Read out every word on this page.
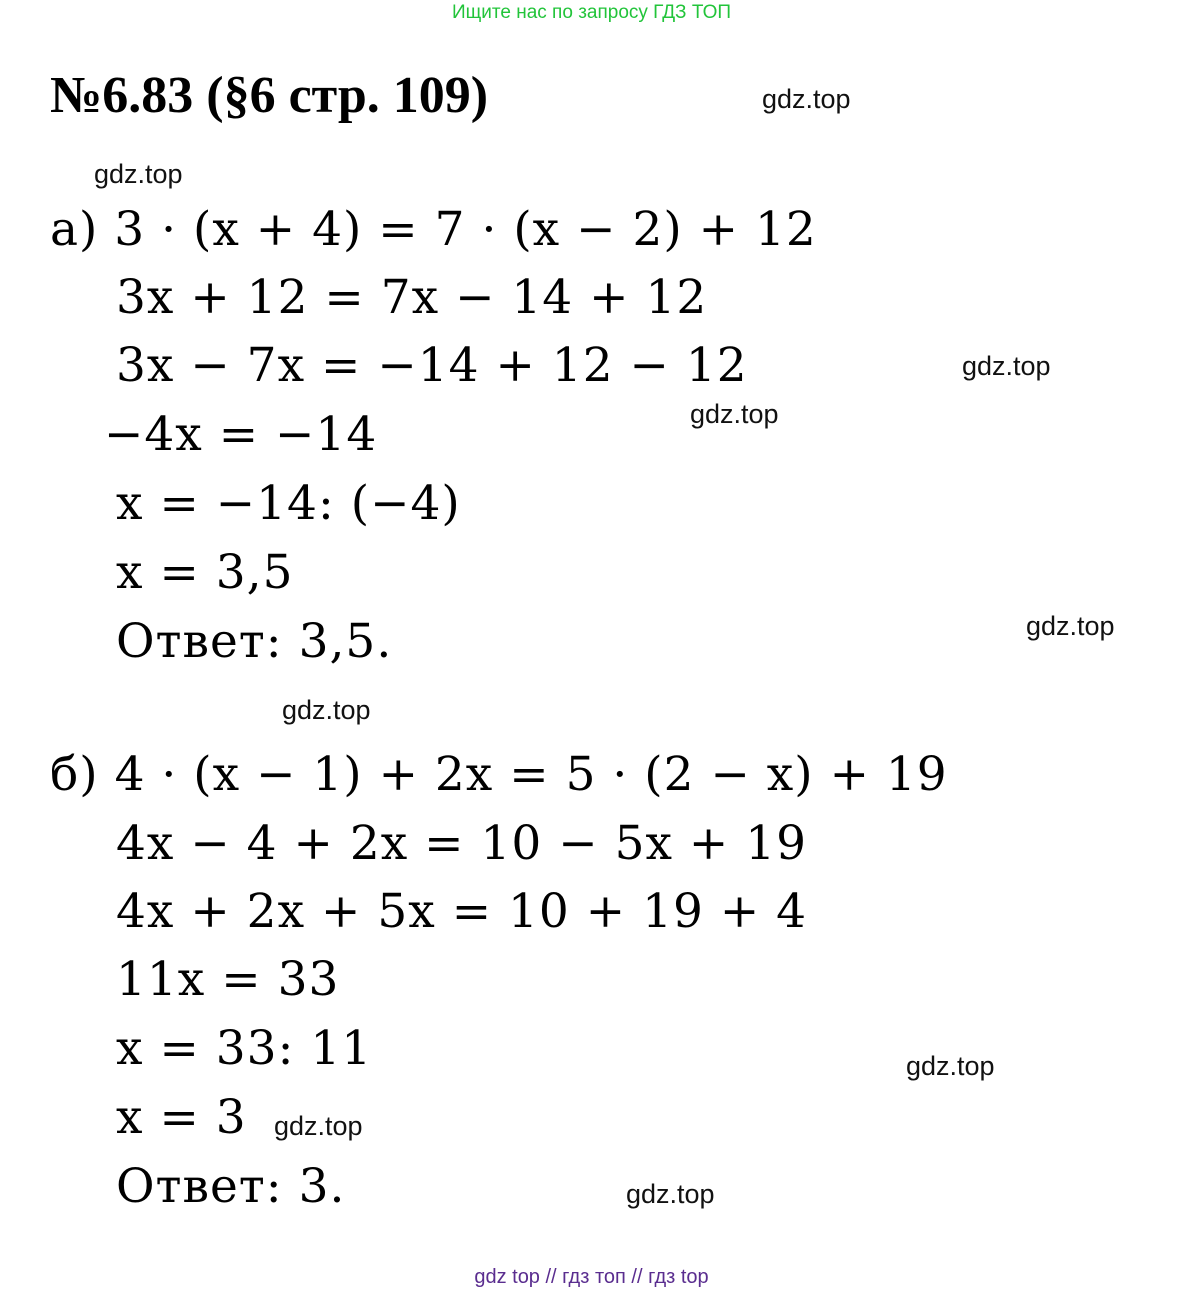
Ищите нас по запросу ГДЗ ТОП
№6.83 (§6 стр. 109)	gdz.top
gdz.top
gdz.top
gdz.top
gdz.top
gdz.top
gdz.top
gdz.top
gdz.top
а) 3 · (x + 4) = 7 · (x − 2) + 12
3x + 12 = 7x − 14 + 12
3x − 7x = −14 + 12 − 12
−4x = −14
x = −14: (−4)
x = 3,5
Ответ: 3,5.
б) 4 · (x − 1) + 2x = 5 · (2 − x) + 19
4x − 4 + 2x = 10 − 5x + 19
4x + 2x + 5x = 10 + 19 + 4
11x = 33
x = 33: 11
x = 3
Ответ: 3.
gdz top // гдз топ // гдз top
